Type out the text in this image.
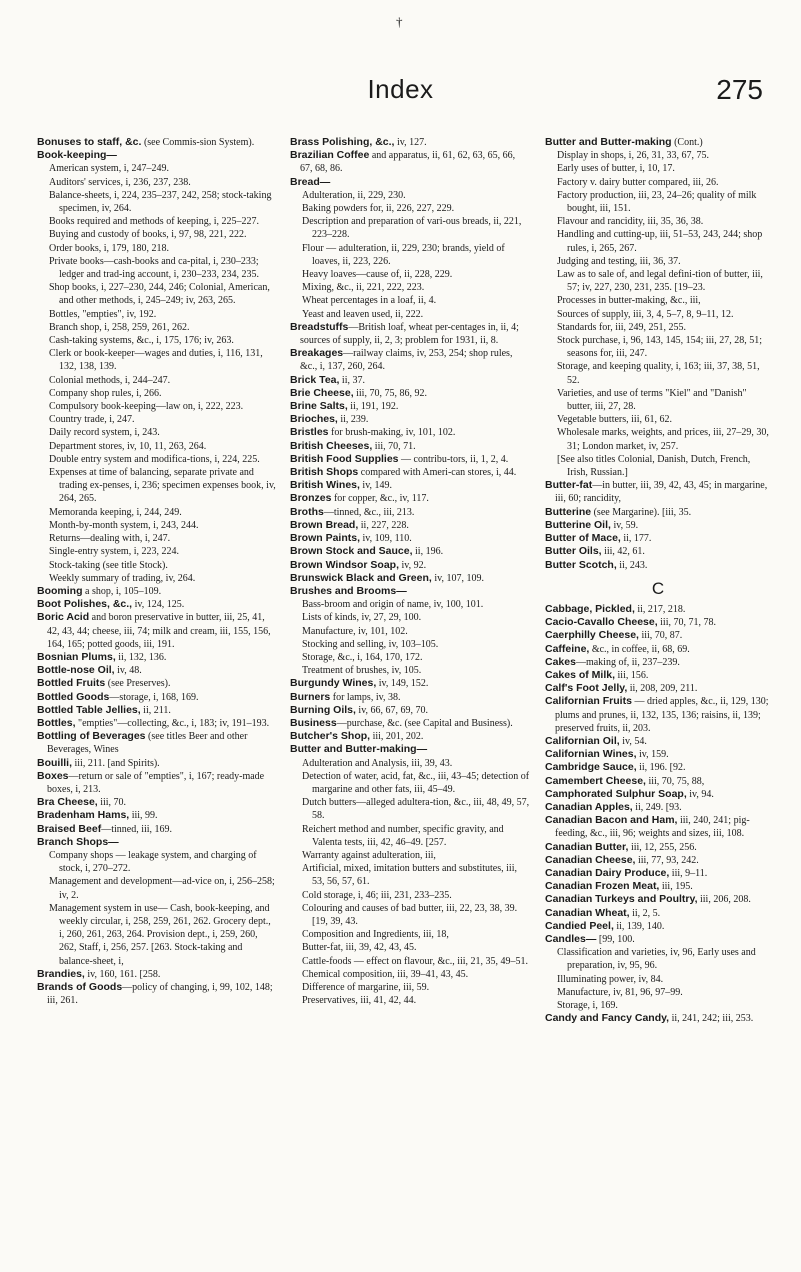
†
Index	275

Bonuses to staff, &c. (see Commis-sion System).

Book-keeping—

American system, i, 247–249.

Auditors' services, i, 236, 237, 238.

Balance-sheets, i, 224, 235–237, 242, 258; stock-taking specimen, iv, 264.

Books required and methods of keeping, i, 225–227.

Buying and custody of books, i, 97, 98, 221, 222.

Order books, i, 179, 180, 218.

Private books—cash-books and ca-pital, i, 230–233; ledger and trad-ing account, i, 230–233, 234, 235.

Shop books, i, 227–230, 244, 246; Colonial, American, and other methods, i, 245–249; iv, 263, 265.

Bottles, "empties", iv, 192.

Branch shop, i, 258, 259, 261, 262.

Cash-taking systems, &c., i, 175, 176; iv, 263.

Clerk or book-keeper—wages and duties, i, 116, 131, 132, 138, 139.

Colonial methods, i, 244–247.

Company shop rules, i, 266.

Compulsory book-keeping—law on, i, 222, 223.

Country trade, i, 247.

Daily record system, i, 243.

Department stores, iv, 10, 11, 263, 264.

Double entry system and modifica-tions, i, 224, 225.

Expenses at time of balancing, separate private and trading ex-penses, i, 236; specimen expenses book, iv, 264, 265.

Memoranda keeping, i, 244, 249.

Month-by-month system, i, 243, 244.

Returns—dealing with, i, 247.

Single-entry system, i, 223, 224.

Stock-taking (see title Stock).

Weekly summary of trading, iv, 264.

Booming a shop, i, 105–109.

Boot Polishes, &c., iv, 124, 125.

Boric Acid and boron preservative in butter, iii, 25, 41, 42, 43, 44; cheese, iii, 74; milk and cream, iii, 155, 156, 164, 165; potted goods, iii, 191.

Bosnian Plums, ii, 132, 136.

Bottle-nose Oil, iv, 48.

Bottled Fruits (see Preserves).

Bottled Goods—storage, i, 168, 169.

Bottled Table Jellies, ii, 211.

Bottles, "empties"—collecting, &c., i, 183; iv, 191–193.

Bottling of Beverages (see titles Beer and other Beverages, Wines

Bouilli, iii, 211. [and Spirits).

Boxes—return or sale of "empties", i, 167; ready-made boxes, i, 213.

Bra Cheese, iii, 70.

Bradenham Hams, iii, 99.

Braised Beef—tinned, iii, 169.

Branch Shops—

Company shops — leakage system, and charging of stock, i, 270–272.

Management and development—ad-vice on, i, 256–258; iv, 2.

Management system in use— Cash, book-keeping, and weekly circular, i, 258, 259, 261, 262. Grocery dept., i, 260, 261, 263, 264. Provision dept., i, 259, 260, 262, Staff, i, 256, 257. [263. Stock-taking and balance-sheet, i,

Brandies, iv, 160, 161. [258.

Brands of Goods—policy of changing, i, 99, 102, 148; iii, 261.

Brass Polishing, &c., iv, 127.

Brazilian Coffee and apparatus, ii, 61, 62, 63, 65, 66, 67, 68, 86.

Bread—

Adulteration, ii, 229, 230.

Baking powders for, ii, 226, 227, 229.

Description and preparation of vari-ous breads, ii, 221, 223–228.

Flour — adulteration, ii, 229, 230; brands, yield of loaves, ii, 223, 226.

Heavy loaves—cause of, ii, 228, 229.

Mixing, &c., ii, 221, 222, 223.

Wheat percentages in a loaf, ii, 4.

Yeast and leaven used, ii, 222.

Breadstuffs—British loaf, wheat per-centages in, ii, 4; sources of supply, ii, 2, 3; problem for 1931, ii, 8.

Breakages—railway claims, iv, 253, 254; shop rules, &c., i, 137, 260, 264.

Brick Tea, ii, 37.

Brie Cheese, iii, 70, 75, 86, 92.

Brine Salts, ii, 191, 192.

Brioches, ii, 239.

Bristles for brush-making, iv, 101, 102.

British Cheeses, iii, 70, 71.

British Food Supplies — contribu-tors, ii, 1, 2, 4.

British Shops compared with Ameri-can stores, i, 44.

British Wines, iv, 149.

Bronzes for copper, &c., iv, 117.

Broths—tinned, &c., iii, 213.

Brown Bread, ii, 227, 228.

Brown Paints, iv, 109, 110.

Brown Stock and Sauce, ii, 196.

Brown Windsor Soap, iv, 92.

Brunswick Black and Green, iv, 107, 109.

Brushes and Brooms—

Bass-broom and origin of name, iv, 100, 101.

Lists of kinds, iv, 27, 29, 100.

Manufacture, iv, 101, 102.

Stocking and selling, iv, 103–105.

Storage, &c., i, 164, 170, 172.

Treatment of brushes, iv, 105.

Burgundy Wines, iv, 149, 152.

Burners for lamps, iv, 38.

Burning Oils, iv, 66, 67, 69, 70.

Business—purchase, &c. (see Capital and Business).

Butcher's Shop, iii, 201, 202.

Butter and Butter-making—

Adulteration and Analysis, iii, 39, 43.

Detection of water, acid, fat, &c., iii, 43–45; detection of margarine and other fats, iii, 45–49.

Dutch butters—alleged adultera-tion, &c., iii, 48, 49, 57, 58.

Reichert method and number, specific gravity, and Valenta tests, iii, 42, 46–49. [257.

Warranty against adulteration, iii,

Artificial, mixed, imitation butters and substitutes, iii, 53, 56, 57, 61.

Cold storage, i, 46; iii, 231, 233–235.

Colouring and causes of bad butter, iii, 22, 23, 38, 39. [19, 39, 43.

Composition and Ingredients, iii, 18,

Butter-fat, iii, 39, 42, 43, 45.

Cattle-foods — effect on flavour, &c., iii, 21, 35, 49–51.

Chemical composition, iii, 39–41, 43, 45.

Difference of margarine, iii, 59.

Preservatives, iii, 41, 42, 44.

Butter and Butter-making (Cont.)

Display in shops, i, 26, 31, 33, 67, 75.

Early uses of butter, i, 10, 17.

Factory v. dairy butter compared, iii, 26.

Factory production, iii, 23, 24–26; quality of milk bought, iii, 151.

Flavour and rancidity, iii, 35, 36, 38.

Handling and cutting-up, iii, 51–53, 243, 244; shop rules, i, 265, 267.

Judging and testing, iii, 36, 37.

Law as to sale of, and legal defini-tion of butter, iii, 57; iv, 227, 230, 231, 235. [19–23.

Processes in butter-making, &c., iii,

Sources of supply, iii, 3, 4, 5–7, 8, 9–11, 12.

Standards for, iii, 249, 251, 255.

Stock purchase, i, 96, 143, 145, 154; iii, 27, 28, 51; seasons for, iii, 247.

Storage, and keeping quality, i, 163; iii, 37, 38, 51, 52.

Varieties, and use of terms "Kiel" and "Danish" butter, iii, 27, 28.

Vegetable butters, iii, 61, 62.

Wholesale marks, weights, and prices, iii, 27–29, 30, 31; London market, iv, 257.

[See also titles Colonial, Danish, Dutch, French, Irish, Russian.]

Butter-fat—in butter, iii, 39, 42, 43, 45; in margarine, iii, 60; rancidity,

Butterine (see Margarine). [iii, 35.

Butterine Oil, iv, 59.

Butter of Mace, ii, 177.

Butter Oils, iii, 42, 61.

Butter Scotch, ii, 243.

C

Cabbage, Pickled, ii, 217, 218.

Cacio-Cavallo Cheese, iii, 70, 71, 78.

Caerphilly Cheese, iii, 70, 87.

Caffeine, &c., in coffee, ii, 68, 69.

Cakes—making of, ii, 237–239.

Cakes of Milk, iii, 156.

Calf's Foot Jelly, ii, 208, 209, 211.

Californian Fruits — dried apples, &c., ii, 129, 130; plums and prunes, ii, 132, 135, 136; raisins, ii, 139; preserved fruits, ii, 203.

Californian Oil, iv, 54.

Californian Wines, iv, 159.

Cambridge Sauce, ii, 196. [92.

Camembert Cheese, iii, 70, 75, 88,

Camphorated Sulphur Soap, iv, 94.

Canadian Apples, ii, 249. [93.

Canadian Bacon and Ham, iii, 240, 241; pig-feeding, &c., iii, 96; weights and sizes, iii, 108.

Canadian Butter, iii, 12, 255, 256.

Canadian Cheese, iii, 77, 93, 242.

Canadian Dairy Produce, iii, 9–11.

Canadian Frozen Meat, iii, 195.

Canadian Turkeys and Poultry, iii, 206, 208.

Canadian Wheat, ii, 2, 5.

Candied Peel, ii, 139, 140.

Candles— [99, 100.

Classification and varieties, iv, 96, Early uses and preparation, iv, 95, 96.

Illuminating power, iv, 84.

Manufacture, iv, 81, 96, 97–99.

Storage, i, 169.

Candy and Fancy Candy, ii, 241, 242; iii, 253.
